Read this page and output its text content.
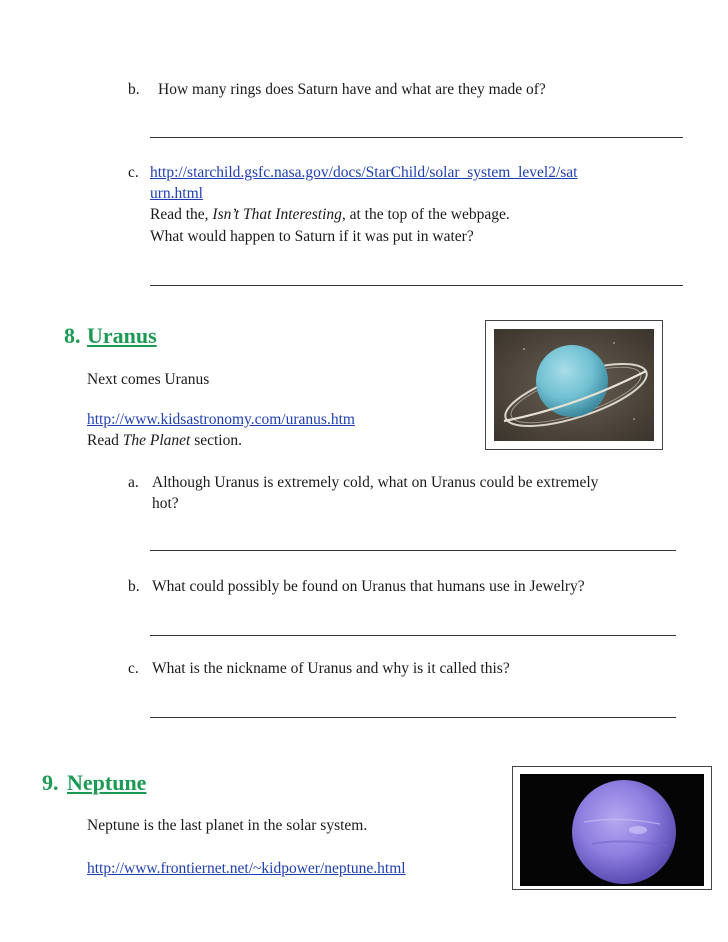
b. How many rings does Saturn have and what are they made of?
c. http://starchild.gsfc.nasa.gov/docs/StarChild/solar_system_level2/sat
urn.html
Read the, Isn’t That Interesting, at the top of the webpage.
What would happen to Saturn if it was put in water?
8. Uranus
Next comes Uranus
http://www.kidsastronomy.com/uranus.htm
Read The Planet section.
a. Although Uranus is extremely cold, what on Uranus could be extremely
hot?
b. What could possibly be found on Uranus that humans use in Jewelry?
c. What is the nickname of Uranus and why is it called this?
9. Neptune
Neptune is the last planet in the solar system.
http://www.frontiernet.net/~kidpower/neptune.html
